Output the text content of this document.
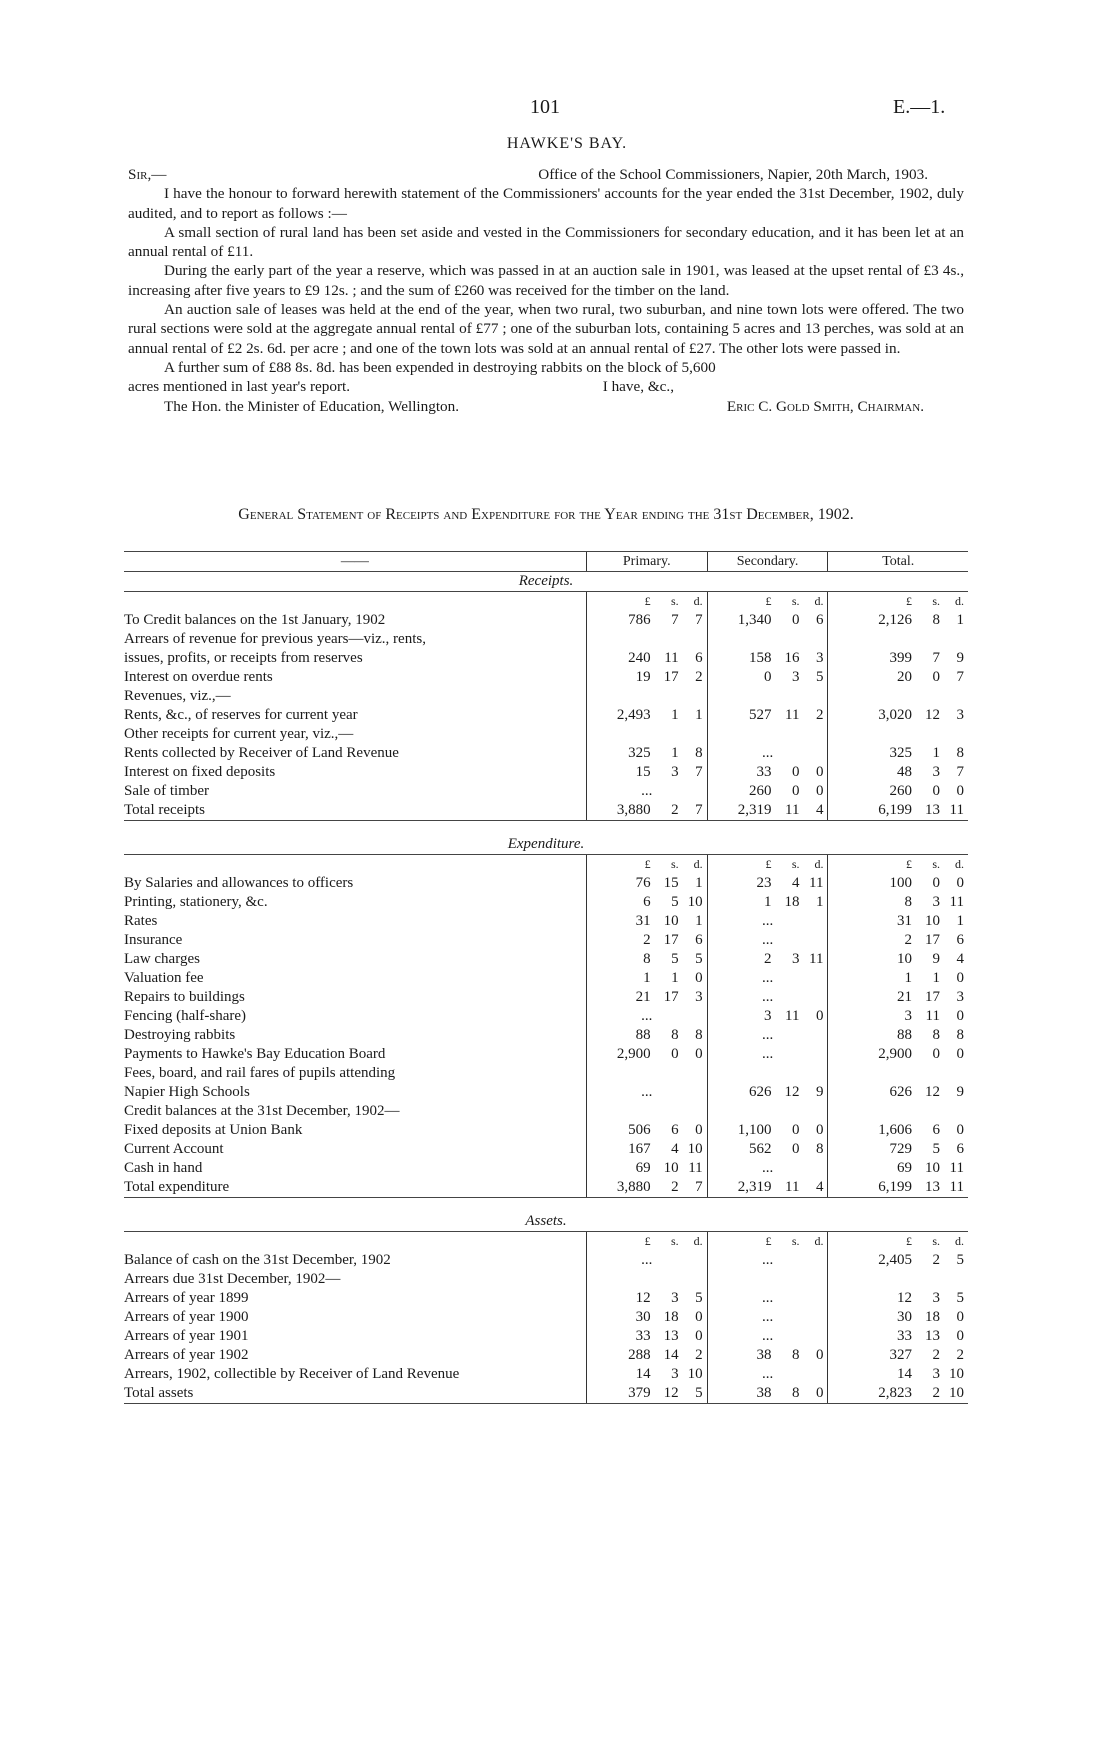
101	E.—1.
HAWKE'S BAY.
Sir,—	Office of the School Commissioners, Napier, 20th March, 1903.

I have the honour to forward herewith statement of the Commissioners' accounts for the year ended the 31st December, 1902, duly audited, and to report as follows :—

A small section of rural land has been set aside and vested in the Commissioners for secondary education, and it has been let at an annual rental of £11.

During the early part of the year a reserve, which was passed in at an auction sale in 1901, was leased at the upset rental of £3 4s., increasing after five years to £9 12s. ; and the sum of £260 was received for the timber on the land.

An auction sale of leases was held at the end of the year, when two rural, two suburban, and nine town lots were offered. The two rural sections were sold at the aggregate annual rental of £77 ; one of the suburban lots, containing 5 acres and 13 perches, was sold at an annual rental of £2 2s. 6d. per acre ; and one of the town lots was sold at an annual rental of £27. The other lots were passed in.

A further sum of £88 8s. 8d. has been expended in destroying rabbits on the block of 5,600

acres mentioned in last year's report.	I have, &c.,
The Hon. the Minister of Education, Wellington.	Eric C. Gold Smith, Chairman.
General Statement of Receipts and Expenditure for the Year ending the 31st December, 1902.
——	Primary.	Secondary.	Total.
Receipts.			

	£ s. d.	£ s. d.	£ s. d.

To Credit balances on the 1st January, 1902	786 7 7	1,340 0 6	2,126 8 1

Arrears of revenue for previous years—viz., rents,			
issues, profits, or receipts from reserves	240 11 6	158 16 3	399 7 9

Interest on overdue rents	19 17 2	0 3 5	20 0 7

Revenues, viz.,—			
Rents, &c., of reserves for current year	2,493 1 1	527 11 2	3,020 12 3

Other receipts for current year, viz.,—			
Rents collected by Receiver of Land Revenue	325 1 8	...	325 1 8

Interest on fixed deposits	15 3 7	33 0 0	48 3 7

Sale of timber	...	260 0 0	260 0 0

Total receipts	3,880 2 7	2,319 11 4	6,199 13 11

Expenditure.			

	£ s. d.	£ s. d.	£ s. d.

By Salaries and allowances to officers	76 15 1	23 4 11	100 0 0

Printing, stationery, &c.	6 5 10	1 18 1	8 3 11

Rates	31 10 1	...	31 10 1

Insurance	2 17 6	...	2 17 6

Law charges	8 5 5	2 3 11	10 9 4

Valuation fee	1 1 0	...	1 1 0

Repairs to buildings	21 17 3	...	21 17 3

Fencing (half-share)	...	3 11 0	3 11 0

Destroying rabbits	88 8 8	...	88 8 8

Payments to Hawke's Bay Education Board	2,900 0 0	...	2,900 0 0

Fees, board, and rail fares of pupils attending			
Napier High Schools	...	626 12 9	626 12 9

Credit balances at the 31st December, 1902—			
Fixed deposits at Union Bank	506 6 0	1,100 0 0	1,606 6 0

Current Account	167 4 10	562 0 8	729 5 6

Cash in hand	69 10 11	...	69 10 11

Total expenditure	3,880 2 7	2,319 11 4	6,199 13 11

Assets.			

	£ s. d.	£ s. d.	£ s. d.

Balance of cash on the 31st December, 1902	...	...	2,405 2 5

Arrears due 31st December, 1902—			
Arrears of year 1899	12 3 5	...	12 3 5

Arrears of year 1900	30 18 0	...	30 18 0

Arrears of year 1901	33 13 0	...	33 13 0

Arrears of year 1902	288 14 2	38 8 0	327 2 2

Arrears, 1902, collectible by Receiver of Land Revenue	14 3 10	...	14 3 10

Total assets	379 12 5	38 8 0	2,823 2 10
